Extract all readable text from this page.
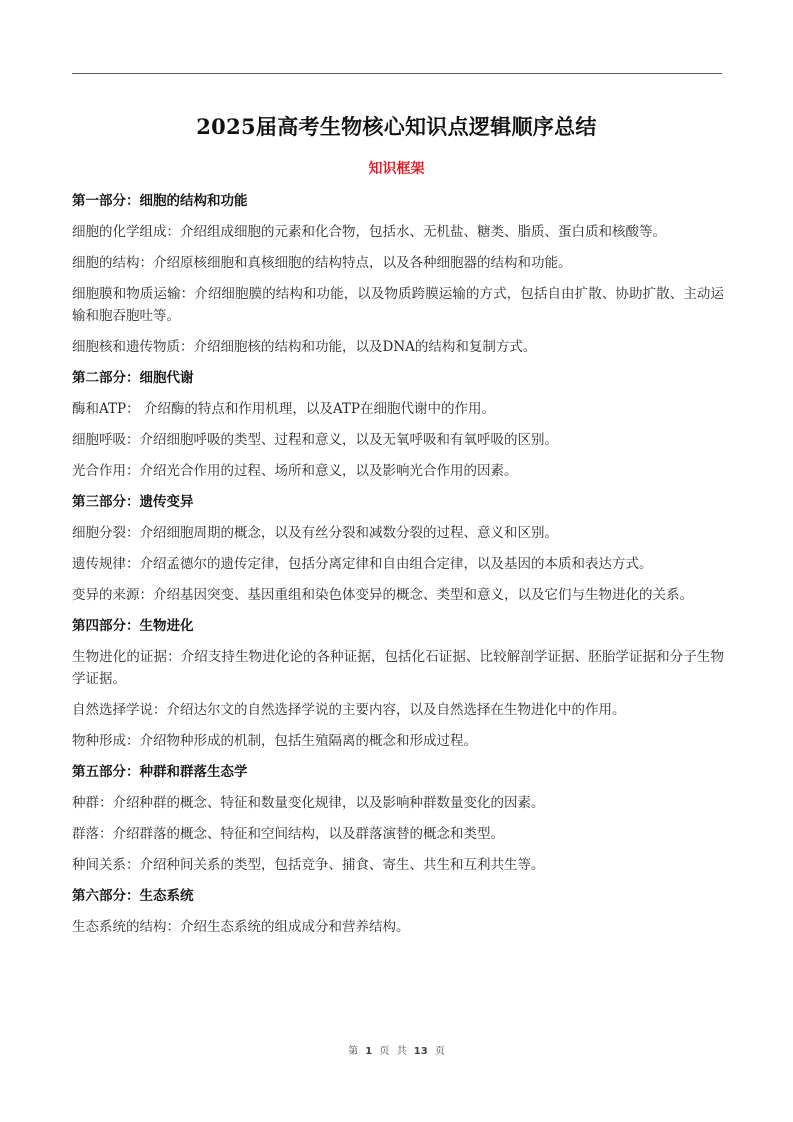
2025届高考生物核心知识点逻辑顺序总结
知识框架
第一部分：细胞的结构和功能
细胞的化学组成：介绍组成细胞的元素和化合物，包括水、无机盐、糖类、脂质、蛋白质和核酸等。
细胞的结构：介绍原核细胞和真核细胞的结构特点，以及各种细胞器的结构和功能。
细胞膜和物质运输：介绍细胞膜的结构和功能，以及物质跨膜运输的方式，包括自由扩散、协助扩散、主动运输和胞吞胞吐等。
细胞核和遗传物质：介绍细胞核的结构和功能，以及DNA的结构和复制方式。
第二部分：细胞代谢
酶和ATP： 介绍酶的特点和作用机理，以及ATP在细胞代谢中的作用。
细胞呼吸：介绍细胞呼吸的类型、过程和意义，以及无氧呼吸和有氧呼吸的区别。
光合作用：介绍光合作用的过程、场所和意义，以及影响光合作用的因素。
第三部分：遗传变异
细胞分裂：介绍细胞周期的概念，以及有丝分裂和减数分裂的过程、意义和区别。
遗传规律：介绍孟德尔的遗传定律，包括分离定律和自由组合定律，以及基因的本质和表达方式。
变异的来源：介绍基因突变、基因重组和染色体变异的概念、类型和意义，以及它们与生物进化的关系。
第四部分：生物进化
生物进化的证据：介绍支持生物进化论的各种证据，包括化石证据、比较解剖学证据、胚胎学证据和分子生物学证据。
自然选择学说：介绍达尔文的自然选择学说的主要内容，以及自然选择在生物进化中的作用。
物种形成：介绍物种形成的机制，包括生殖隔离的概念和形成过程。
第五部分：种群和群落生态学
种群：介绍种群的概念、特征和数量变化规律，以及影响种群数量变化的因素。
群落：介绍群落的概念、特征和空间结构，以及群落演替的概念和类型。
种间关系：介绍种间关系的类型，包括竞争、捕食、寄生、共生和互利共生等。
第六部分：生态系统
生态系统的结构：介绍生态系统的组成成分和营养结构。
第 1 页 共 13 页
